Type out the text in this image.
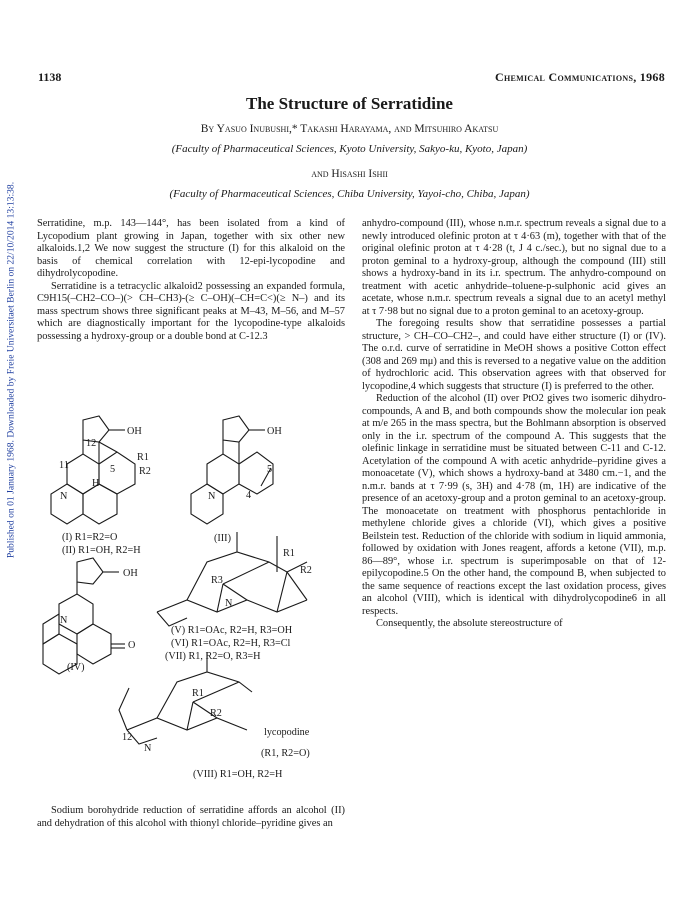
Published on 01 January 1968. Downloaded by Freie Universitaet Berlin on 22/10/2014 13:13:38.
1138	Chemical Communications, 1968
The Structure of Serratidine
By Yasuo Inubushi,* Takashi Harayama, and Mitsuhiro Akatsu
(Faculty of Pharmaceutical Sciences, Kyoto University, Sakyo-ku, Kyoto, Japan)
and Hisashi Ishii
(Faculty of Pharmaceutical Sciences, Chiba University, Yayoi-cho, Chiba, Japan)

Serratidine, m.p. 143—144°, has been isolated from a kind of Lycopodium plant growing in Japan, together with six other new alkaloids.1,2 We now suggest the structure (I) for this alkaloid on the basis of chemical correlation with 12-epi-lycopodine and dihydrolycopodine.

Serratidine is a tetracyclic alkaloid2 possessing an expanded formula, C9H15(–CH2–CO–)(> CH–CH3)-(≥ C–OH)(–CH=C<)(≥ N–) and its mass spectrum shows three significant peaks at M–43, M–56, and M–57 which are diagnostically important for the lycopodine-type alkaloids possessing a hydroxy-group or a double bond at C-12.3

OH
11
12
5
R1
R2
H
N
(I) R1=R2=O
(II) R1=OH, R2=H
OH
5
4
N
(III)
OH
N
O
(IV)
R1
R2
R3
N
(V) R1=OAc, R2=H, R3=OH
(VI) R1=OAc, R2=H, R3=Cl
(VII) R1, R2=O, R3=H
R1
R2
12
N
lycopodine
(R1, R2=O)
(VIII) R1=OH, R2=H

Sodium borohydride reduction of serratidine affords an alcohol (II) and dehydration of this alcohol with thionyl chloride–pyridine gives an

anhydro-compound (III), whose n.m.r. spectrum reveals a signal due to a newly introduced olefinic proton at τ 4·63 (m), together with that of the original olefinic proton at τ 4·28 (t, J 4 c./sec.), but no signal due to a proton geminal to a hydroxy-group, although the compound (III) still shows a hydroxy-band in its i.r. spectrum. The anhydro-compound on treatment with acetic anhydride–toluene-p-sulphonic acid gives an acetate, whose n.m.r. spectrum reveals a signal due to an acetyl methyl at τ 7·98 but no signal due to a proton geminal to an acetoxy-group.

The foregoing results show that serratidine possesses a partial structure, > CH–CO–CH2–, and could have either structure (I) or (IV). The o.r.d. curve of serratidine in MeOH shows a positive Cotton effect (308 and 269 mμ) and this is reversed to a negative value on the addition of hydrochloric acid. This observation agrees with that observed for lycopodine,4 which suggests that structure (I) is preferred to the other.

Reduction of the alcohol (II) over PtO2 gives two isomeric dihydro-compounds, A and B, and both compounds show the molecular ion peak at m/e 265 in the mass spectra, but the Bohlmann absorption is observed only in the i.r. spectrum of the compound A. This suggests that the olefinic linkage in serratidine must be situated between C-11 and C-12. Acetylation of the compound A with acetic anhydride–pyridine gives a monoacetate (V), which shows a hydroxy-band at 3480 cm.−1, and the n.m.r. bands at τ 7·99 (s, 3H) and 4·78 (m, 1H) are indicative of the presence of an acetoxy-group and a proton geminal to an acetoxy-group. The monoacetate on treatment with phosphorus pentachloride in methylene chloride gives a chloride (VI), which gives a positive Beilstein test. Reduction of the chloride with sodium in liquid ammonia, followed by oxidation with Jones reagent, affords a ketone (VII), m.p. 86—89°, whose i.r. spectrum is superimposable on that of 12-epilycopodine.5 On the other hand, the compound B, when subjected to the same sequence of reactions except the last oxidation process, gives an alcohol (VIII), which is identical with dihydrolycopodine6 in all respects.

Consequently, the absolute stereostructure of
